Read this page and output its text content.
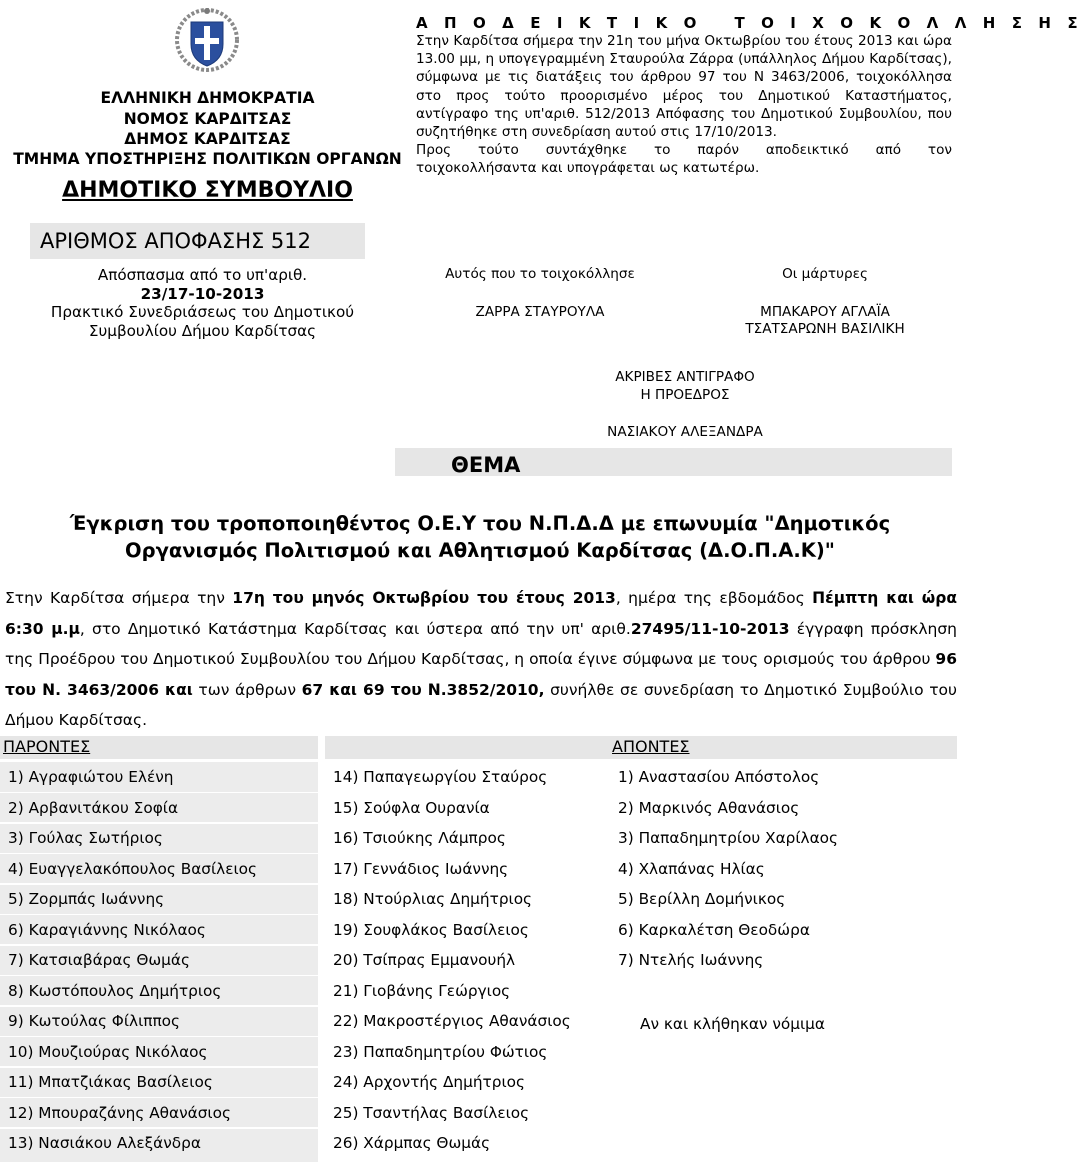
ΕΛΛΗΝΙΚΗ ΔΗΜΟΚΡΑΤΙΑ
ΝΟΜΟΣ ΚΑΡΔΙΤΣΑΣ
ΔΗΜΟΣ ΚΑΡΔΙΤΣΑΣ
ΤΜΗΜΑ ΥΠΟΣΤΗΡΙΞΗΣ ΠΟΛΙΤΙΚΩΝ ΟΡΓΑΝΩΝ
ΔΗΜΟΤΙΚΟ ΣΥΜΒΟΥΛΙΟ
Α Π Ο Δ Ε Ι Κ Τ Ι Κ Ο   Τ Ο Ι Χ Ο Κ Ο Λ Λ Η Σ Η Σ
Στην Καρδίτσα σήμερα την 21η του μήνα Οκτωβρίου του έτους 2013 και ώρα 13.00 μμ, η υπογεγραμμένη Σταυρούλα Ζάρρα (υπάλληλος Δήμου Καρδίτσας), σύμφωνα με τις διατάξεις του άρθρου 97 του Ν 3463/2006, τοιχοκόλλησα στο προς τούτο προορισμένο μέρος του Δημοτικού Καταστήματος, αντίγραφο της υπ'αριθ. 512/2013 Απόφασης του Δημοτικού Συμβουλίου, που συζητήθηκε στη συνεδρίαση αυτού στις 17/10/2013.
Προς τούτο συντάχθηκε το παρόν αποδεικτικό από τον
τοιχοκολλήσαντα και υπογράφεται ως κατωτέρω.
ΑΡΙΘΜΟΣ ΑΠΟΦΑΣΗΣ 512
Απόσπασμα από το υπ'αριθ.
23/17-10-2013
Πρακτικό Συνεδριάσεως του Δημοτικού
Συμβουλίου Δήμου Καρδίτσας
Αυτός που το τοιχοκόλλησε
ΖΑΡΡΑ ΣΤΑΥΡΟΥΛΑ
Οι μάρτυρες
ΜΠΑΚΑΡΟΥ ΑΓΛΑΪΑ
ΤΣΑΤΣΑΡΩΝΗ ΒΑΣΙΛΙΚΗ
ΑΚΡΙΒΕΣ ΑΝΤΙΓΡΑΦΟ
Η ΠΡΟΕΔΡΟΣ
ΝΑΣΙΑΚΟΥ ΑΛΕΞΑΝΔΡΑ
ΘΕΜΑ
Έγκριση του τροποποιηθέντος Ο.Ε.Υ του Ν.Π.Δ.Δ με επωνυμία "Δημοτικός
Οργανισμός Πολιτισμού και Αθλητισμού Καρδίτσας (Δ.Ο.Π.Α.Κ)"
Στην Καρδίτσα σήμερα την 17η του μηνός Οκτωβρίου του έτους 2013, ημέρα της εβδομάδος Πέμπτη και ώρα 6:30 μ.μ, στο Δημοτικό Κατάστημα Καρδίτσας και ύστερα από την υπ' αριθ.27495/11-10-2013 έγγραφη πρόσκληση της Προέδρου του Δημοτικού Συμβουλίου του Δήμου Καρδίτσας, η οποία έγινε σύμφωνα με τους ορισμούς του άρθρου 96 του Ν. 3463/2006 και των άρθρων 67 και 69 του Ν.3852/2010, συνήλθε σε συνεδρίαση το Δημοτικό Συμβούλιο του Δήμου Καρδίτσας.
ΠΑΡΟΝΤΕΣ	ΑΠΟΝΤΕΣ
1) Αγραφιώτου Ελένη
2) Αρβανιτάκου Σοφία
3) Γούλας Σωτήριος
4) Ευαγγελακόπουλος Βασίλειος
5) Ζορμπάς Ιωάννης
6) Καραγιάννης Νικόλαος
7) Κατσιαβάρας Θωμάς
8) Κωστόπουλος Δημήτριος
9) Κωτούλας Φίλιππος
10) Μουζιούρας Νικόλαος
11) Μπατζιάκας Βασίλειος
12) Μπουραζάνης Αθανάσιος
13) Νασιάκου Αλεξάνδρα
14) Παπαγεωργίου Σταύρος
15) Σούφλα Ουρανία
16) Τσιούκης Λάμπρος
17) Γεννάδιος Ιωάννης
18) Ντούρλιας Δημήτριος
19) Σουφλάκος Βασίλειος
20) Τσίπρας Εμμανουήλ
21) Γιοβάνης Γεώργιος
22) Μακροστέργιος Αθανάσιος
23) Παπαδημητρίου Φώτιος
24) Αρχοντής Δημήτριος
25) Τσαντήλας Βασίλειος
26) Χάρμπας Θωμάς
1) Αναστασίου Απόστολος
2) Μαρκινός Αθανάσιος
3) Παπαδημητρίου Χαρίλαος
4) Χλαπάνας Ηλίας
5) Βερίλλη Δομήνικος
6) Καρκαλέτση Θεοδώρα
7) Ντελής Ιωάννης
Αν και κλήθηκαν νόμιμα
